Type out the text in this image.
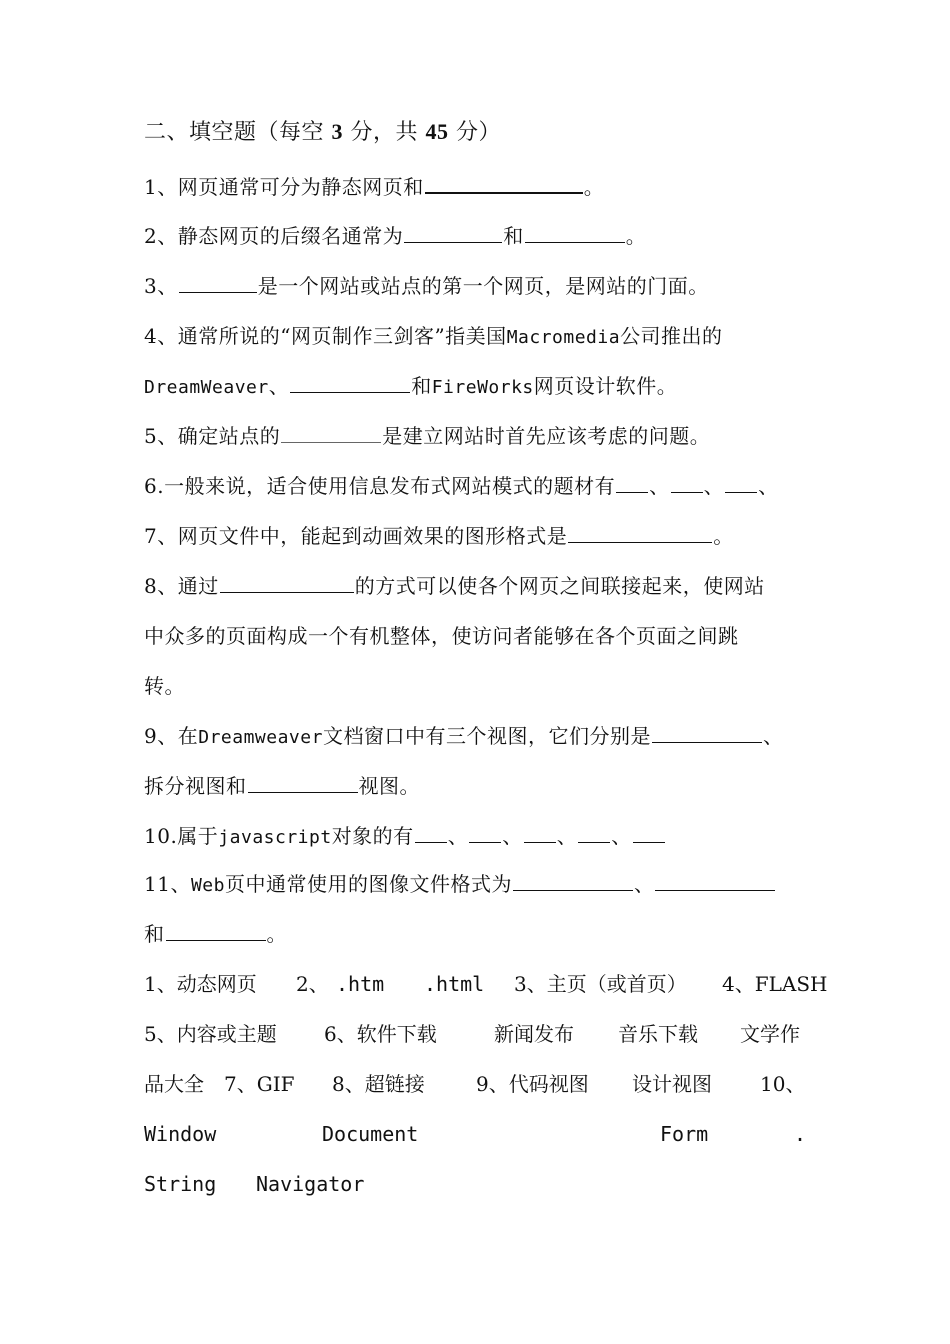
二、填空题（每空 3 分，共 45 分）
1、网页通常可分为静态网页和	。
2、静态网页的后缀名通常为	和	。
3、	是一个网站或站点的第一个网页，是网站的门面。
4、通常所说的“网页制作三剑客”指美国Macromedia公司推出的
DreamWeaver、	和FireWorks网页设计软件。
5、确定站点的	是建立网站时首先应该考虑的问题。
6.一般来说，适合使用信息发布式网站模式的题材有 、 、 、
7、网页文件中，能起到动画效果的图形格式是	。
8、通过	的方式可以使各个网页之间联接起来，使网站
中众多的页面构成一个有机整体，使访问者能够在各个页面之间跳
转。
9、在Dreamweaver文档窗口中有三个视图，它们分别是	、
拆分视图和	视图。
10.属于javascript对象的有 、 、 、 、
11、Web页中通常使用的图像文件格式为	、
和	。
1、动态网页 2、 .htm .html 3、主页（或首页） 4、FLASH
5、内容或主题 6、软件下载	新闻发布 音乐下载 文学作
品大全 7、GIF 8、超链接	9、代码视图 设计视图 10、
Window	Document	Form	.
String Navigator
